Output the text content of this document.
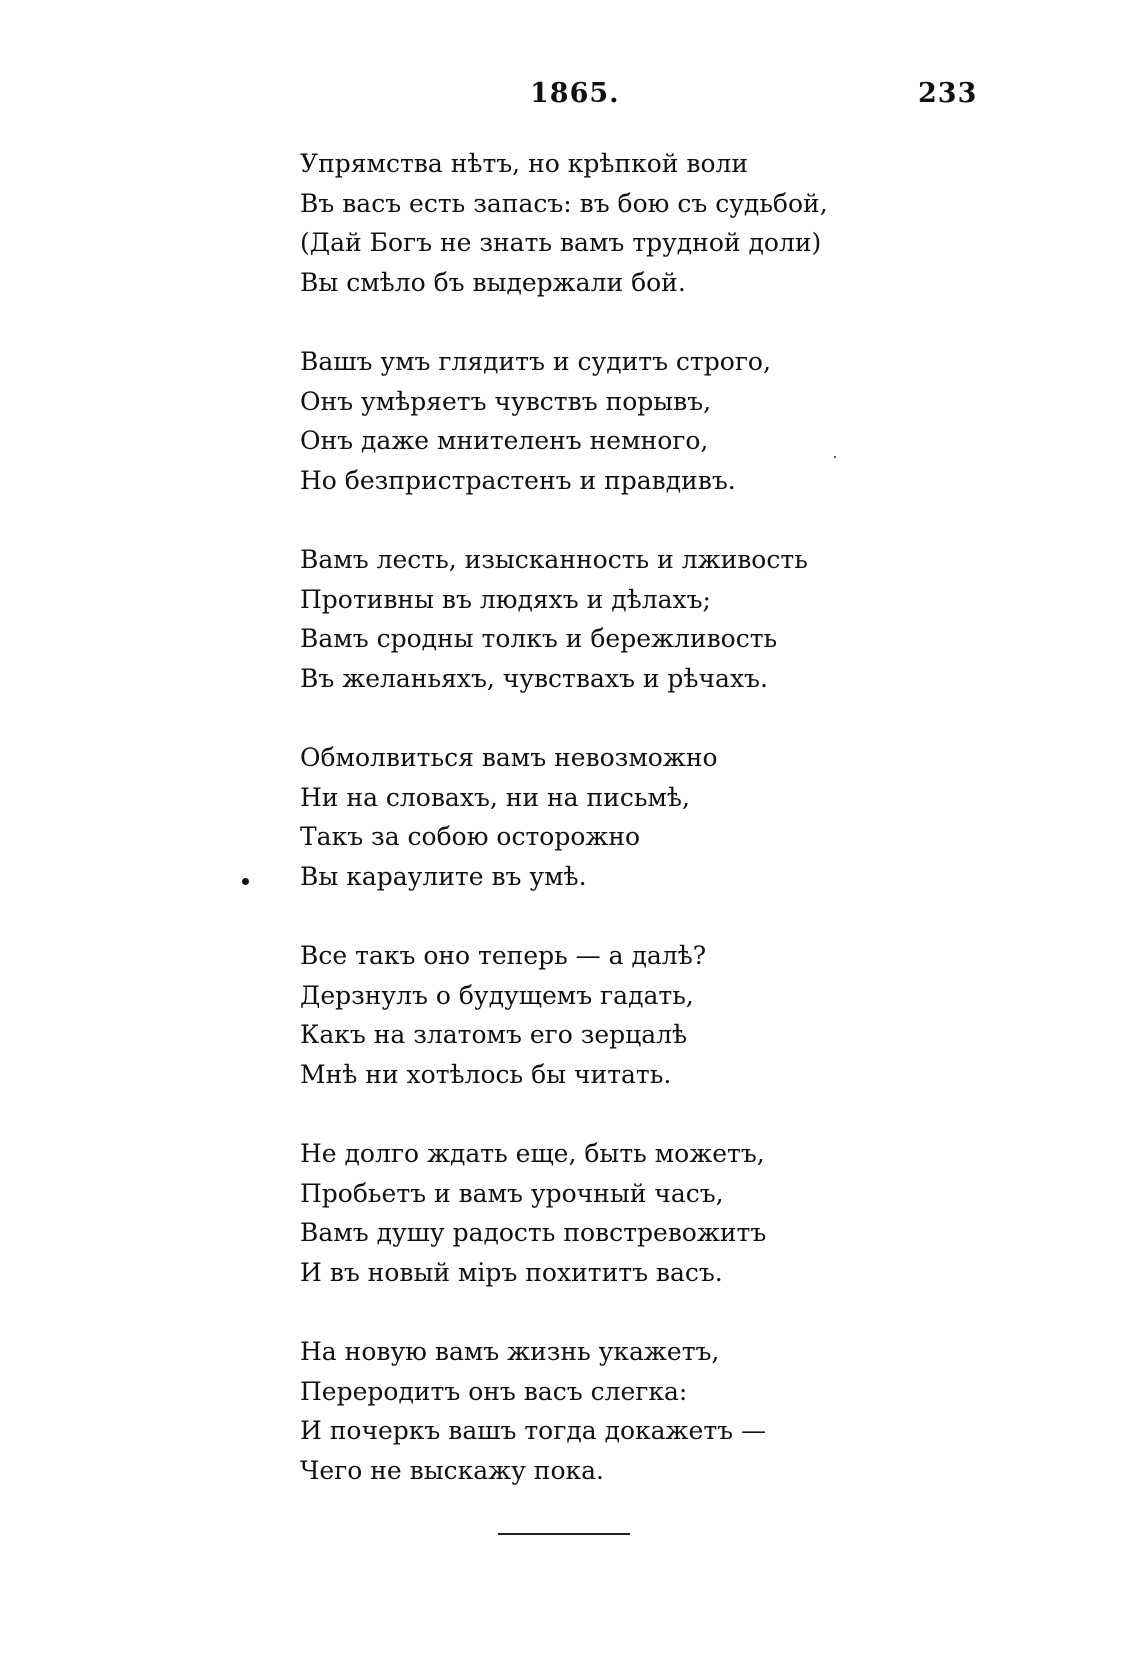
1865.	233
Упрямства нѣтъ, но крѣпкой воли
Въ васъ есть запасъ: въ бою съ судьбой,
(Дай Богъ не знать вамъ трудной доли)
Вы смѣло бъ выдержали бой.
Вашъ умъ глядитъ и судитъ строго,
Онъ умѣряетъ чувствъ порывъ,
Онъ даже мнителенъ немного,
Но безпристрастенъ и правдивъ.
Вамъ лесть, изысканность и лживость
Противны въ людяхъ и дѣлахъ;
Вамъ сродны толкъ и бережливость
Въ желаньяхъ, чувствахъ и рѣчахъ.
Обмолвиться вамъ невозможно
Ни на словахъ, ни на письмѣ,
Такъ за собою осторожно
Вы караулите въ умѣ.
Все такъ оно теперь — а далѣ?
Дерзнулъ о будущемъ гадать,
Какъ на златомъ его зерцалѣ
Мнѣ ни хотѣлось бы читать.
Не долго ждать еще, быть можетъ,
Пробьетъ и вамъ урочный часъ,
Вамъ душу радость повстревожитъ
И въ новый міръ похититъ васъ.
На новую вамъ жизнь укажетъ,
Переродитъ онъ васъ слегка:
И почеркъ вашъ тогда докажетъ —
Чего не выскажу пока.
